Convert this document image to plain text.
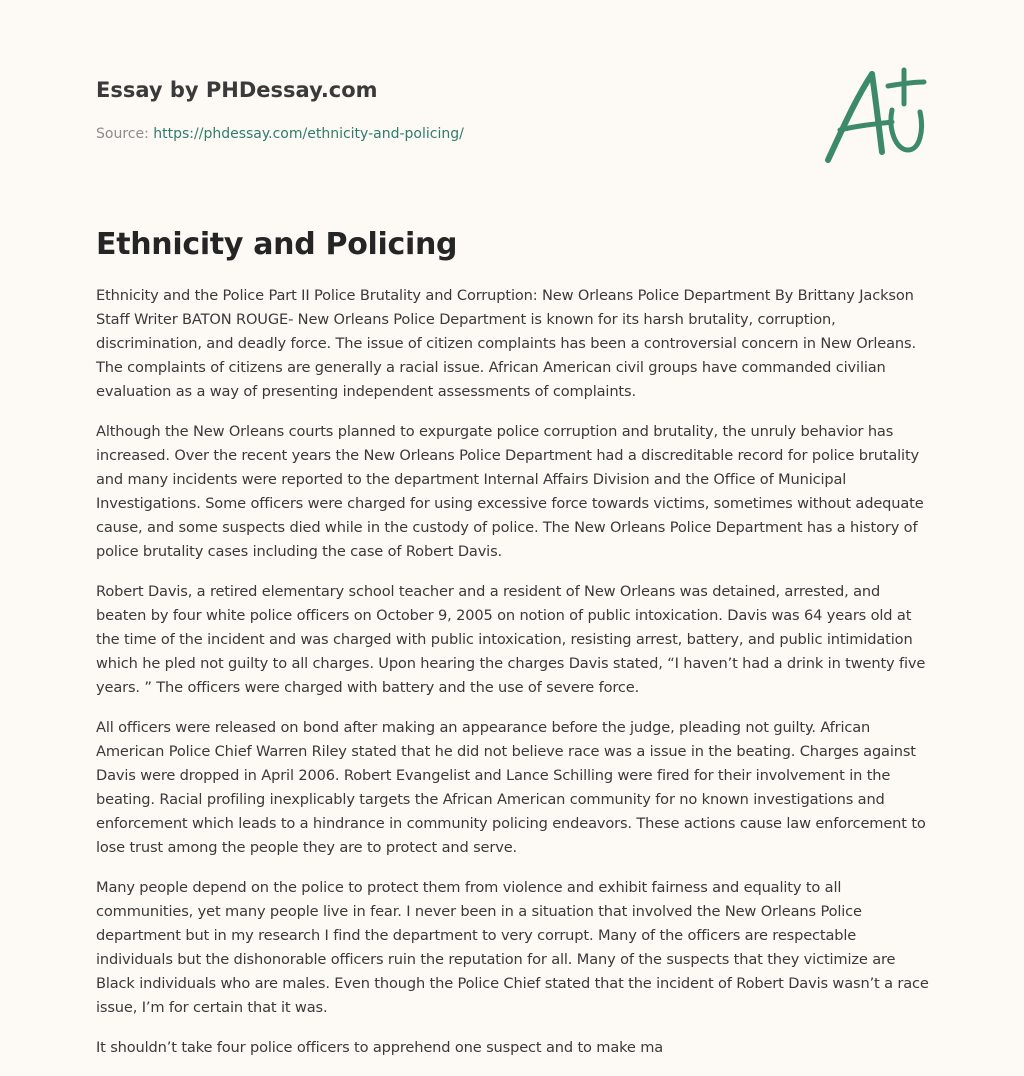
Essay by PHDessay.com
Source: https://phdessay.com/ethnicity-and-policing/
Ethnicity and Policing

Ethnicity and the Police Part II Police Brutality and Corruption: New Orleans Police Department By Brittany Jackson Staff Writer BATON ROUGE- New Orleans Police Department is known for its harsh brutality, corruption, discrimination, and deadly force. The issue of citizen complaints has been a controversial concern in New Orleans. The complaints of citizens are generally a racial issue. African American civil groups have commanded civilian evaluation as a way of presenting independent assessments of complaints.

Although the New Orleans courts planned to expurgate police corruption and brutality, the unruly behavior has increased. Over the recent years the New Orleans Police Department had a discreditable record for police brutality and many incidents were reported to the department Internal Affairs Division and the Office of Municipal Investigations. Some officers were charged for using excessive force towards victims, sometimes without adequate cause, and some suspects died while in the custody of police. The New Orleans Police Department has a history of police brutality cases including the case of Robert Davis.

Robert Davis, a retired elementary school teacher and a resident of New Orleans was detained, arrested, and beaten by four white police officers on October 9, 2005 on notion of public intoxication. Davis was 64 years old at the time of the incident and was charged with public intoxication, resisting arrest, battery, and public intimidation which he pled not guilty to all charges. Upon hearing the charges Davis stated, “I haven’t had a drink in twenty five years. ” The officers were charged with battery and the use of severe force.

All officers were released on bond after making an appearance before the judge, pleading not guilty. African American Police Chief Warren Riley stated that he did not believe race was a issue in the beating. Charges against Davis were dropped in April 2006. Robert Evangelist and Lance Schilling were fired for their involvement in the beating. Racial profiling inexplicably targets the African American community for no known investigations and enforcement which leads to a hindrance in community policing endeavors. These actions cause law enforcement to lose trust among the people they are to protect and serve.

Many people depend on the police to protect them from violence and exhibit fairness and equality to all communities, yet many people live in fear. I never been in a situation that involved the New Orleans Police department but in my research I find the department to very corrupt. Many of the officers are respectable individuals but the dishonorable officers ruin the reputation for all. Many of the suspects that they victimize are Black individuals who are males. Even though the Police Chief stated that the incident of Robert Davis wasn’t a race issue, I’m for certain that it was.

It shouldn’t take four police officers to apprehend one suspect and to make ma
